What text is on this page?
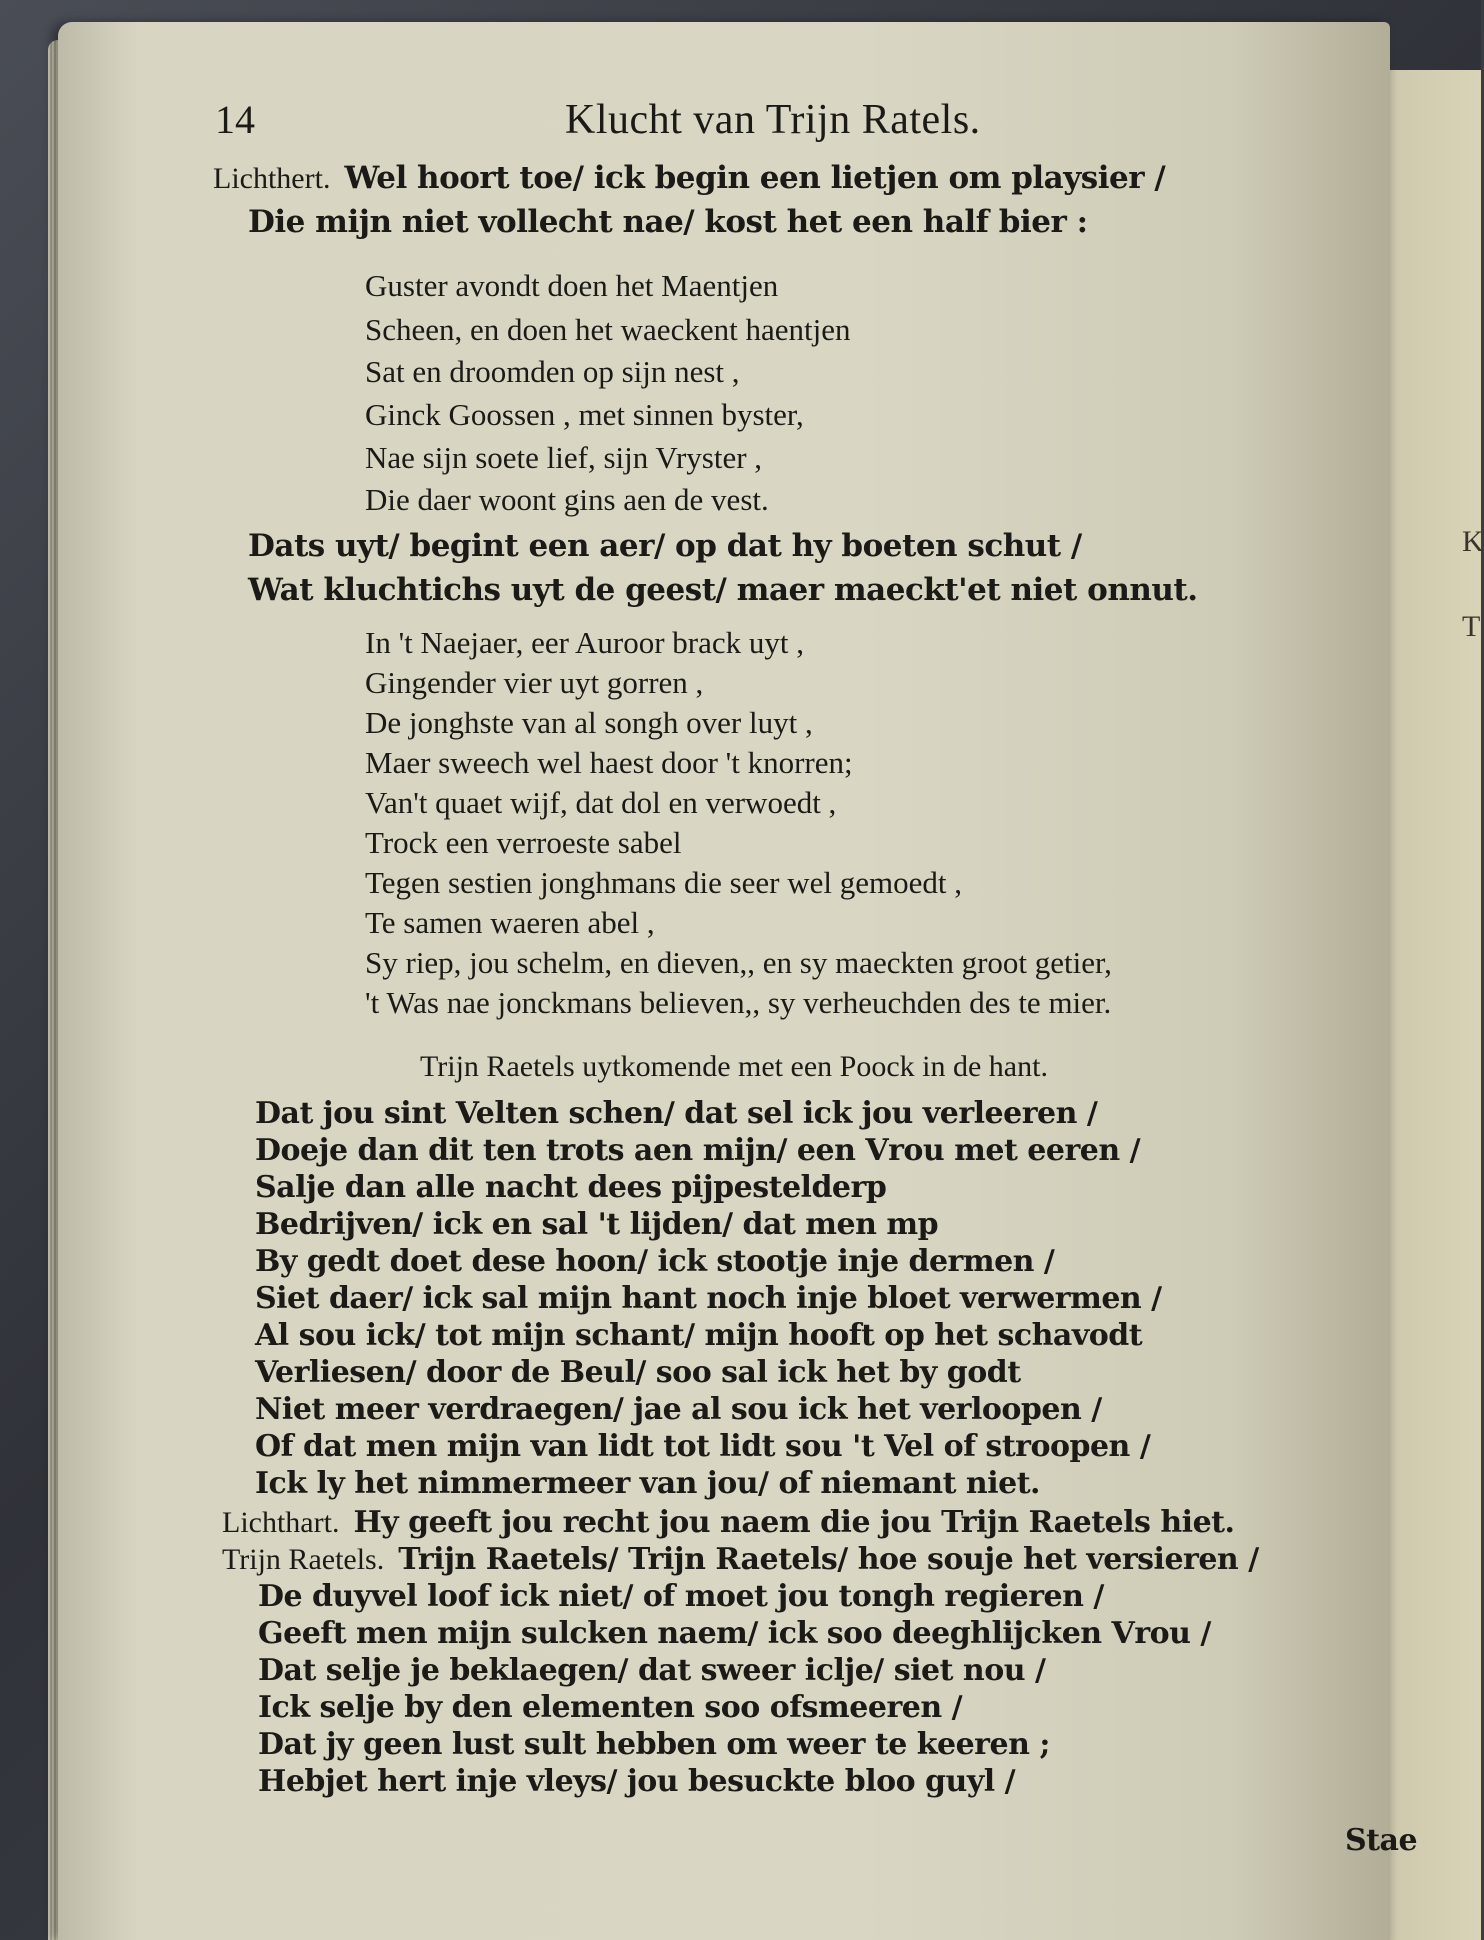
K
T
14	Klucht van Trijn Ratels.
Lichthert. Wel hoort toe/ ick begin een lietjen om playsier /
Die mijn niet vollecht nae/ kost het een half bier :
Guster avondt doen het Maentjen
Scheen, en doen het waeckent haentjen
Sat en droomden op sijn nest ,
Ginck Goossen , met sinnen byster,
Nae sijn soete lief, sijn Vryster ,
Die daer woont gins aen de vest.
Dats uyt/ begint een aer/ op dat hy boeten schut /
Wat kluchtichs uyt de geest/ maer maeckt'et niet onnut.
In 't Naejaer, eer Auroor brack uyt ,
Gingender vier uyt gorren ,
De jonghste van al songh over luyt ,
Maer sweech wel haest door 't knorren;
Van't quaet wijf, dat dol en verwoedt ,
Trock een verroeste sabel
Tegen sestien jonghmans die seer wel gemoedt ,
Te samen waeren abel ,
Sy riep, jou schelm, en dieven,, en sy maeckten groot getier,
't Was nae jonckmans believen,, sy verheuchden des te mier.
Trijn Raetels uytkomende met een Poock in de hant.
Dat jou sint Velten schen/ dat sel ick jou verleeren /
Doeje dan dit ten trots aen mijn/ een Vrou met eeren /
Salje dan alle nacht dees pijpestelderp
Bedrijven/ ick en sal 't lijden/ dat men mp
By gedt doet dese hoon/ ick stootje inje dermen /
Siet daer/ ick sal mijn hant noch inje bloet verwermen /
Al sou ick/ tot mijn schant/ mijn hooft op het schavodt
Verliesen/ door de Beul/ soo sal ick het by godt
Niet meer verdraegen/ jae al sou ick het verloopen /
Of dat men mijn van lidt tot lidt sou 't Vel of stroopen /
Ick ly het nimmermeer van jou/ of niemant niet.
Lichthart. Hy geeft jou recht jou naem die jou Trijn Raetels hiet.
Trijn Raetels. Trijn Raetels/ Trijn Raetels/ hoe souje het versieren /
De duyvel loof ick niet/ of moet jou tongh regieren /
Geeft men mijn sulcken naem/ ick soo deeghlijcken Vrou /
Dat selje je beklaegen/ dat sweer iclje/ siet nou /
Ick selje by den elementen soo ofsmeeren /
Dat jy geen lust sult hebben om weer te keeren ;
Hebjet hert inje vleys/ jou besuckte bloo guyl /
Stae
